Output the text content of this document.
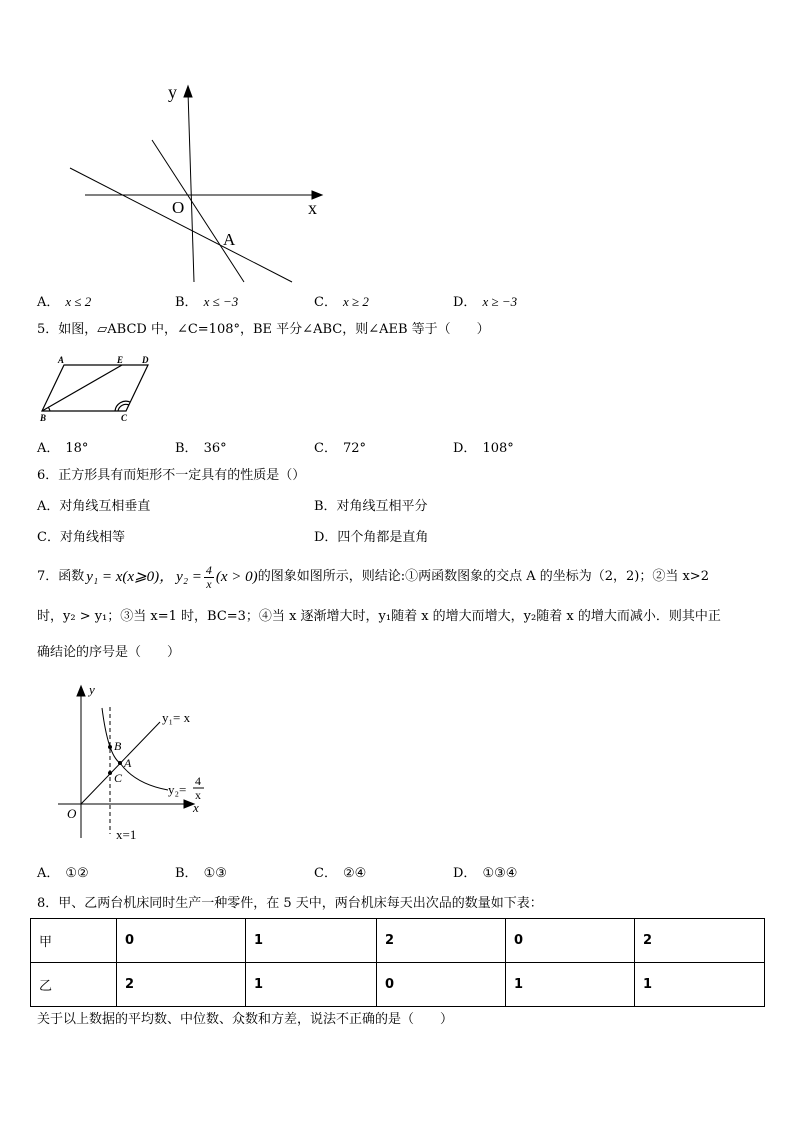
y
x
O
A
A． x ≤ 2	B． x ≤ −3	C． x ≥ 2	D． x ≥ −3
5．如图，▱ABCD 中，∠C=108°，BE 平分∠ABC，则∠AEB 等于（　　）
A	E D
B	C
A． 18°	B． 36°	C． 72°	D． 108°
6．正方形具有而矩形不一定具有的性质是（）
A．对角线互相垂直	B．对角线互相平分
C．对角线相等	D．四个角都是直角
7．函数 y₁ = x(x⩾0)， $y_2 = \frac{4}{x} (x > 0)$ 的图象如图所示，则结论:①两函数图象的交点 A 的坐标为（2，2)；②当 x>2
时，y₂ > y₁；③当 x=1 时，BC=3；④当 x 逐渐增大时，y₁随着 x 的增大而增大，y₂随着 x 的增大而减小．则其中正
确结论的序号是（　　）
y
x
O
B
A
C
y₁= x
y₂=
4
x
x=1
A． ①②	B． ①③	C． ②④	D． ①③④
8．甲、乙两台机床同时生产一种零件，在 5 天中，两台机床每天出次品的数量如下表：
甲	0	1	2	0	2
乙	2	1	0	1	1
关于以上数据的平均数、中位数、众数和方差，说法不正确的是（　　）
